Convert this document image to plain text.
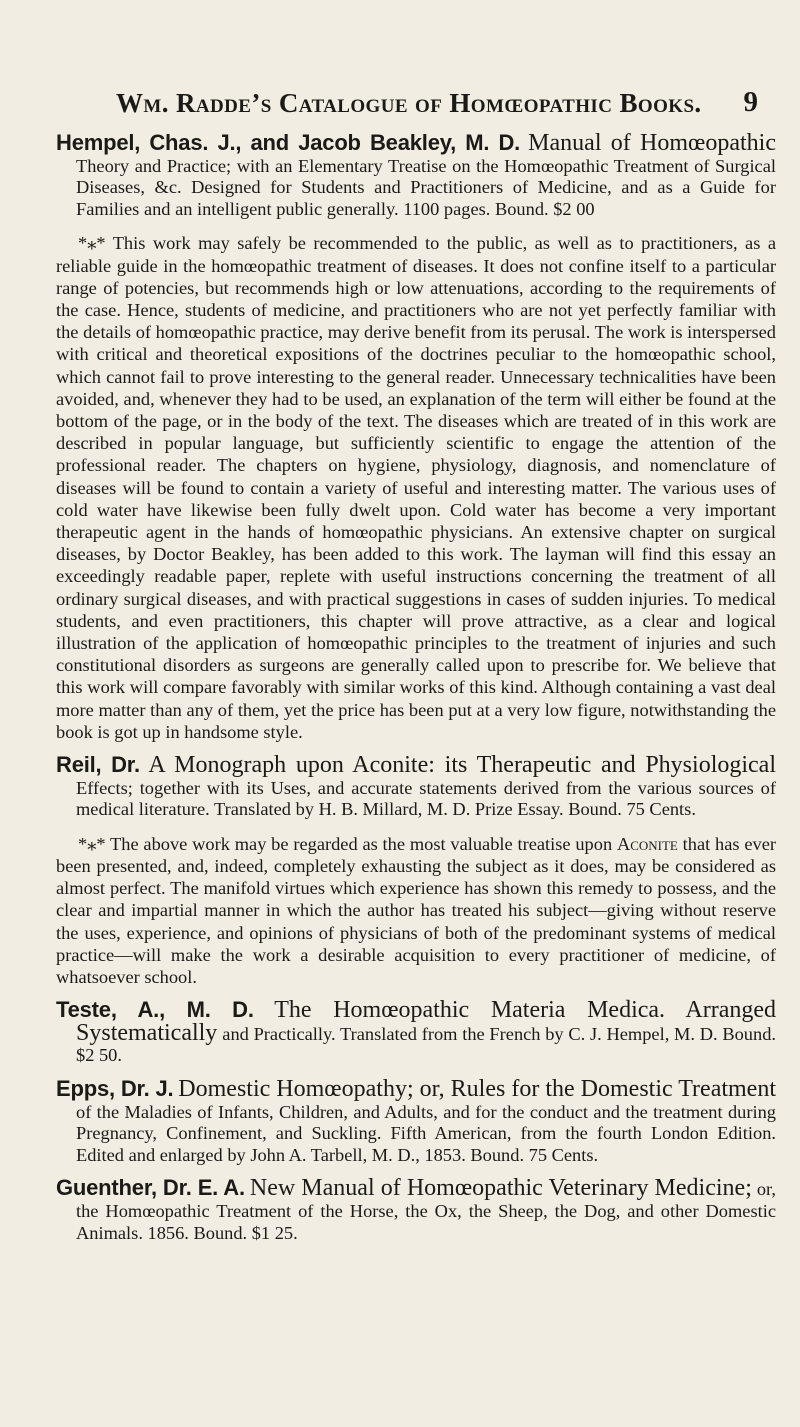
Wm. Radde’s Catalogue of Homœopathic Books. 9

Hempel, Chas. J., and Jacob Beakley, M. D. Manual of Homœopathic Theory and Practice; with an Elementary Treatise on the Homœopathic Treatment of Surgical Diseases, &c. Designed for Students and Practitioners of Medicine, and as a Guide for Families and an intelligent public generally. 1100 pages. Bound. $2 00

*⁎* This work may safely be recommended to the public, as well as to practitioners, as a reliable guide in the homœopathic treatment of diseases. It does not confine itself to a particular range of potencies, but recommends high or low attenuations, according to the requirements of the case. Hence, students of medicine, and practitioners who are not yet perfectly familiar with the details of homœopathic practice, may derive benefit from its perusal. The work is interspersed with critical and theoretical expositions of the doctrines peculiar to the homœopathic school, which cannot fail to prove interesting to the general reader. Unnecessary technicalities have been avoided, and, whenever they had to be used, an explanation of the term will either be found at the bottom of the page, or in the body of the text. The diseases which are treated of in this work are described in popular language, but sufficiently scientific to engage the attention of the professional reader. The chapters on hygiene, physiology, diagnosis, and nomenclature of diseases will be found to contain a variety of useful and interesting matter. The various uses of cold water have likewise been fully dwelt upon. Cold water has become a very important therapeutic agent in the hands of homœopathic physicians. An extensive chapter on surgical diseases, by Doctor Beakley, has been added to this work. The layman will find this essay an exceedingly readable paper, replete with useful instructions concerning the treatment of all ordinary surgical diseases, and with practical suggestions in cases of sudden injuries. To medical students, and even practitioners, this chapter will prove attractive, as a clear and logical illustration of the application of homœopathic principles to the treatment of injuries and such constitutional disorders as surgeons are generally called upon to prescribe for. We believe that this work will compare favorably with similar works of this kind. Although containing a vast deal more matter than any of them, yet the price has been put at a very low figure, notwithstanding the book is got up in handsome style.

Reil, Dr. A Monograph upon Aconite: its Therapeutic and Physiological Effects; together with its Uses, and accurate statements derived from the various sources of medical literature. Translated by H. B. Millard, M. D. Prize Essay. Bound. 75 Cents.

*⁎* The above work may be regarded as the most valuable treatise upon Aconite that has ever been presented, and, indeed, completely exhausting the subject as it does, may be considered as almost perfect. The manifold virtues which experience has shown this remedy to possess, and the clear and impartial manner in which the author has treated his subject—giving without reserve the uses, experience, and opinions of physicians of both of the predominant systems of medical practice—will make the work a desirable acquisition to every practitioner of medicine, of whatsoever school.

Teste, A., M. D. The Homœopathic Materia Medica. Arranged Systematically and Practically. Translated from the French by C. J. Hempel, M. D. Bound. $2 50.

Epps, Dr. J. Domestic Homœopathy; or, Rules for the Domestic Treatment of the Maladies of Infants, Children, and Adults, and for the conduct and the treatment during Pregnancy, Confinement, and Suckling. Fifth American, from the fourth London Edition. Edited and enlarged by John A. Tarbell, M. D., 1853. Bound. 75 Cents.

Guenther, Dr. E. A. New Manual of Homœopathic Veterinary Medicine; or, the Homœopathic Treatment of the Horse, the Ox, the Sheep, the Dog, and other Domestic Animals. 1856. Bound. $1 25.
